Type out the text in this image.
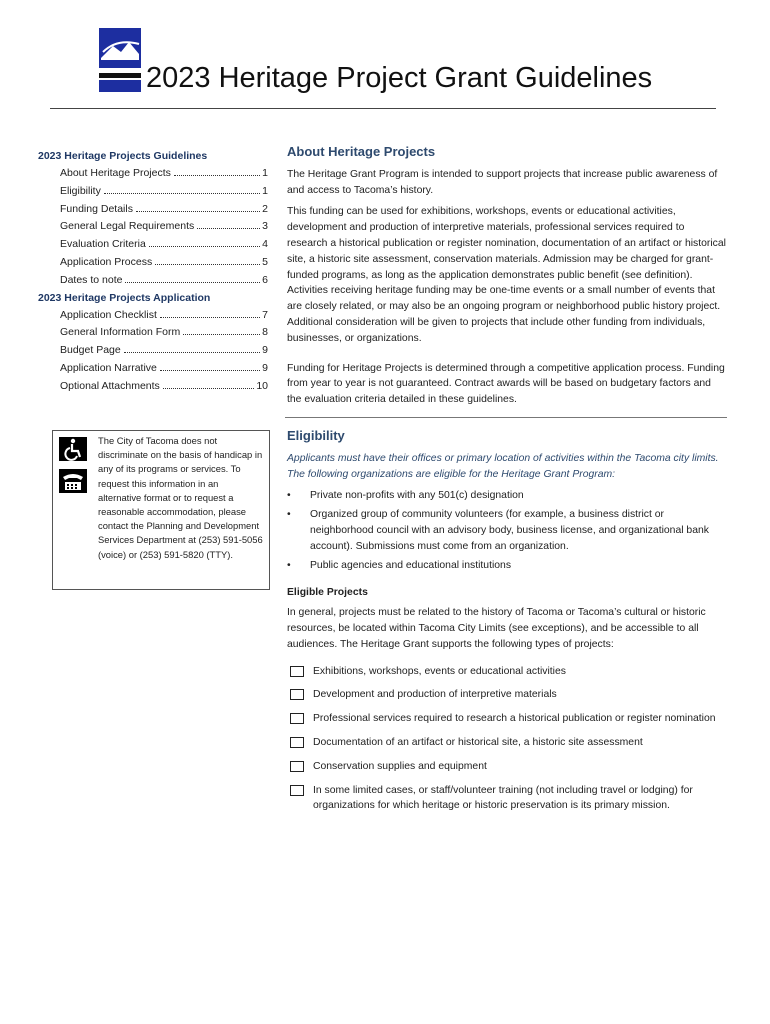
2023 Heritage Project Grant Guidelines
2023 Heritage Projects Guidelines
About Heritage Projects	1
Eligibility	1
Funding Details	2
General Legal Requirements	3
Evaluation Criteria	4
Application Process	5
Dates to note	6
2023 Heritage Projects Application
Application Checklist	7
General Information Form	8
Budget Page	9
Application Narrative	9
Optional Attachments	10

The City of Tacoma does not discriminate on the basis of handicap in any of its programs or services. To request this information in an alternative format or to request a reasonable accommodation, please contact the Planning and Development Services Department at (253) 591-5056 (voice) or (253) 591-5820 (TTY).
About Heritage Projects

The Heritage Grant Program is intended to support projects that increase public awareness of and access to Tacoma’s history.

This funding can be used for exhibitions, workshops, events or educational activities, development and production of interpretive materials, professional services required to research a historical publication or register nomination, documentation of an artifact or historical site, a historic site assessment, conservation materials. Admission may be charged for grant-funded programs, as long as the application demonstrates public benefit (see definition). Activities receiving heritage funding may be one-time events or a small number of events that are closely related, or may also be an ongoing program or neighborhood public history project. Additional consideration will be given to projects that include other funding from individuals, businesses, or organizations.

Funding for Heritage Projects is determined through a competitive application process. Funding from year to year is not guaranteed. Contract awards will be based on budgetary factors and the evaluation criteria detailed in these guidelines.

Eligibility

Applicants must have their offices or primary location of activities within the Tacoma city limits. The following organizations are eligible for the Heritage Grant Program:

• Private non-profits with any 501(c) designation
• Organized group of community volunteers (for example, a business district or neighborhood council with an advisory body, business license, and organizational bank account). Submissions must come from an organization.
• Public agencies and educational institutions
Eligible Projects

In general, projects must be related to the history of Tacoma or Tacoma’s cultural or historic resources, be located within Tacoma City Limits (see exceptions), and be accessible to all audiences. The Heritage Grant supports the following types of projects:

Exhibitions, workshops, events or educational activities
Development and production of interpretive materials
Professional services required to research a historical publication or register nomination
Documentation of an artifact or historical site, a historic site assessment
Conservation supplies and equipment
In some limited cases, or staff/volunteer training (not including travel or lodging) for organizations for which heritage or historic preservation is its primary mission.
